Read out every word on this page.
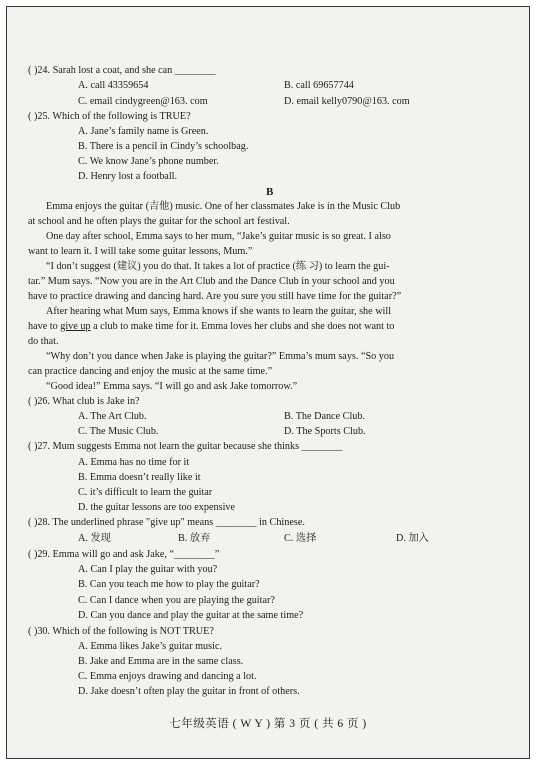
( )24. Sarah lost a coat, and she can ________
A. call 43359654	B. call 69657744
C. email cindygreen@163. com	D. email kelly0790@163. com
( )25. Which of the following is TRUE?
A. Jane’s family name is Green.
B. There is a pencil in Cindy’s schoolbag.
C. We know Jane’s phone number.
D. Henry lost a football.
B
Emma enjoys the guitar (吉他) music. One of her classmates Jake is in the Music Club
at school and he often plays the guitar for the school art festival.
One day after school, Emma says to her mum, “Jake’s guitar music is so great. I also
want to learn it. I will take some guitar lessons, Mum.”
“I don’t suggest (建议) you do that. It takes a lot of practice (练 习) to learn the gui-
tar.” Mum says. “Now you are in the Art Club and the Dance Club in your school and you
have to practice drawing and dancing hard. Are you sure you still have time for the guitar?”
After hearing what Mum says, Emma knows if she wants to learn the guitar, she will
have to give up a club to make time for it. Emma loves her clubs and she does not want to
do that.
“Why don’t you dance when Jake is playing the guitar?” Emma’s mum says. “So you
can practice dancing and enjoy the music at the same time.”
“Good idea!” Emma says. “I will go and ask Jake tomorrow.”
( )26. What club is Jake in?
A. The Art Club.	B. The Dance Club.
C. The Music Club.	D. The Sports Club.
( )27. Mum suggests Emma not learn the guitar because she thinks ________
A. Emma has no time for it
B. Emma doesn’t really like it
C. it’s difficult to learn the guitar
D. the guitar lessons are too expensive
( )28. The underlined phrase "give up" means ________ in Chinese.
A. 发现	B. 放弃	C. 选择	D. 加入
( )29. Emma will go and ask Jake, “________”
A. Can I play the guitar with you?
B. Can you teach me how to play the guitar?
C. Can I dance when you are playing the guitar?
D. Can you dance and play the guitar at the same time?
( )30. Which of the following is NOT TRUE?
A. Emma likes Jake’s guitar music.
B. Jake and Emma are in the same class.
C. Emma enjoys drawing and dancing a lot.
D. Jake doesn’t often play the guitar in front of others.
七年级英语 ( W Y ) 第 3 页 ( 共 6 页 )
